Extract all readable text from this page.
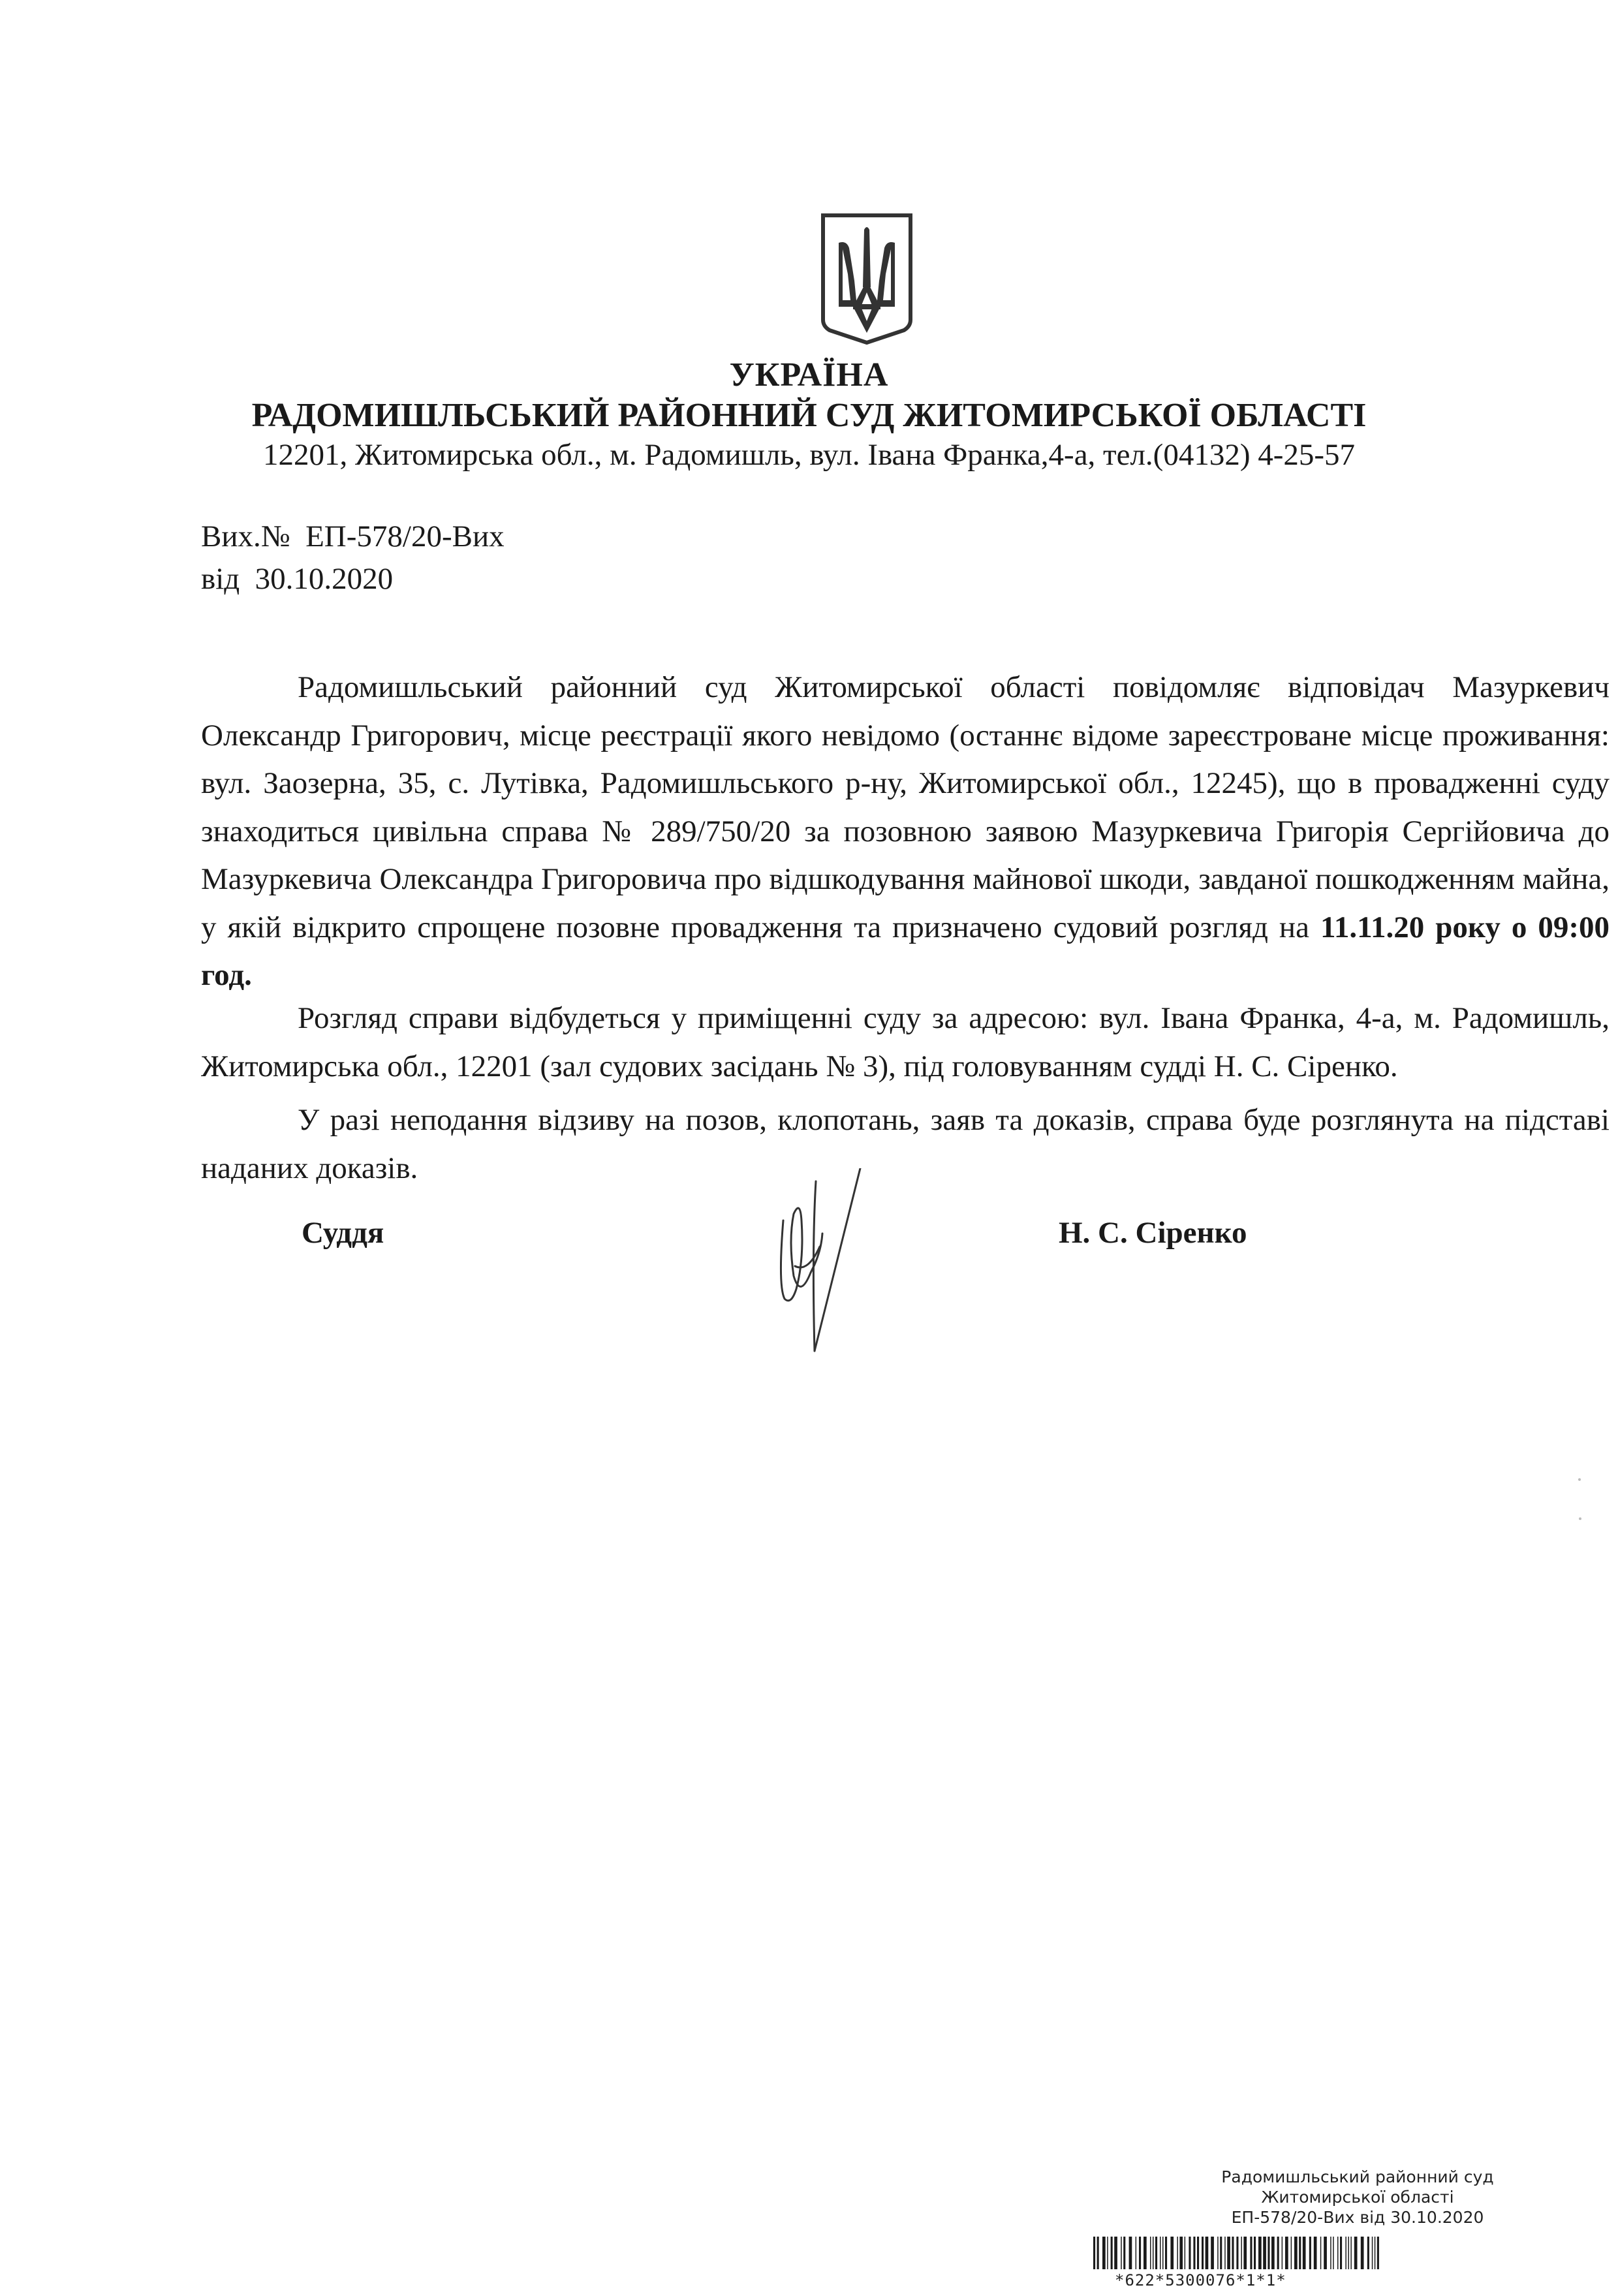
УКРАЇНА
РАДОМИШЛЬСЬКИЙ РАЙОННИЙ СУД ЖИТОМИРСЬКОЇ ОБЛАСТІ
12201, Житомирська обл., м. Радомишль, вул. Івана Франка,4-а, тел.(04132) 4-25-57
Вих.№  ЕП-578/20-Вих
від  30.10.2020
Радомишльський районний суд Житомирської області повідомляє відповідач Мазуркевич Олександр Григорович, місце реєстрації якого невідомо (останнє відоме зареєстроване місце проживання: вул. Заозерна, 35, с. Лутівка, Радомишльського р-ну, Житомирської обл., 12245), що в провадженні суду знаходиться цивільна справа № 289/750/20 за позовною заявою Мазуркевича Григорія Сергійовича до Мазуркевича Олександра Григоровича про відшкодування майнової шкоди, завданої пошкодженням майна, у якій відкрито спрощене позовне провадження та призначено судовий розгляд на 11.11.20 року о 09:00 год.
Розгляд справи відбудеться у приміщенні суду за адресою: вул. Івана Франка, 4-а, м. Радомишль, Житомирська обл., 12201 (зал судових засідань № 3), під головуванням судді Н. С. Сіренко.
У разі неподання відзиву на позов, клопотань, заяв та доказів, справа буде розглянута на підставі наданих доказів.
Суддя	Н. С. Сіренко
Радомишльський районний суд
Житомирської області
ЕП-578/20-Вих від 30.10.2020
*622*5300076*1*1*
